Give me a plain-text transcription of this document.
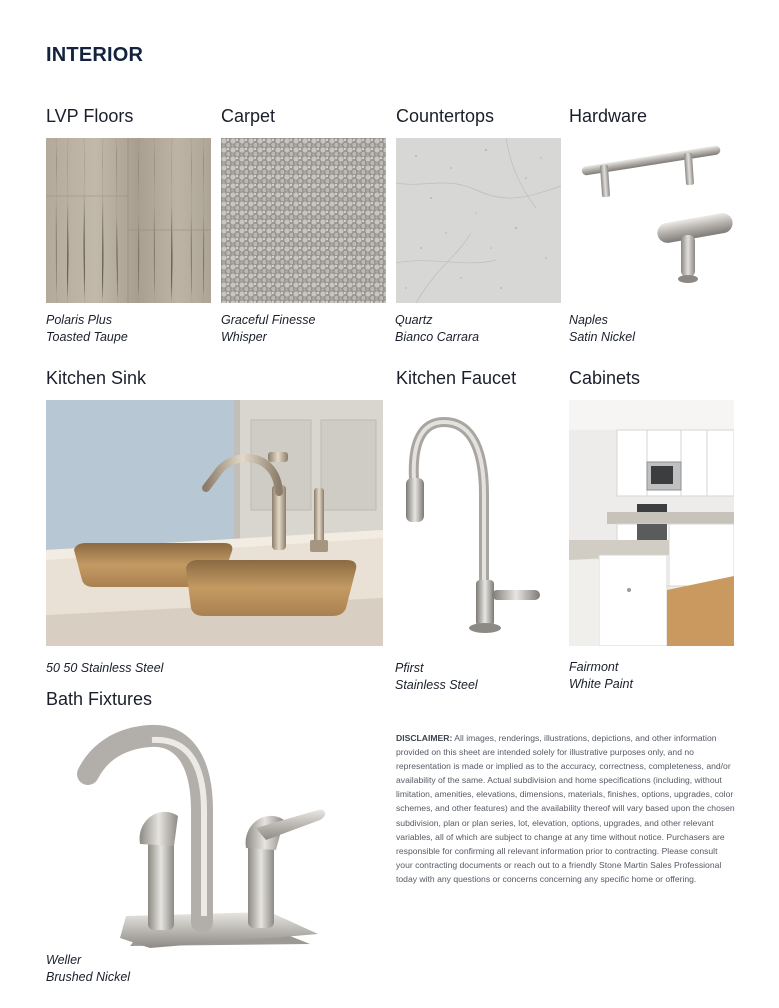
INTERIOR
LVP Floors	Carpet	Countertops	Hardware
Polaris Plus
Toasted Taupe
Graceful Finesse
Whisper
Quartz
Bianco Carrara
Naples
Satin Nickel
Kitchen Sink	Kitchen Faucet	Cabinets
50 50 Stainless Steel	Pfirst
Stainless Steel
Fairmont
White Paint
Bath Fixtures
Weller
Brushed Nickel
DISCLAIMER: All images, renderings, illustrations, depictions, and other information provided on this sheet are intended solely for illustrative purposes only, and no representation is made or implied as to the accuracy, correctness, completeness, and/or availability of the same. Actual subdivision and home specifications (including, without limitation, amenities, elevations, dimensions, materials, finishes, options, upgrades, color schemes, and other features) and the availability thereof will vary based upon the chosen subdivision, plan or plan series, lot, elevation, options, upgrades, and other relevant variables, all of which are subject to change at any time without notice. Purchasers are responsible for confirming all relevant information prior to contracting. Please consult your contracting documents or reach out to a friendly Stone Martin Sales Professional today with any questions or concerns concerning any specific home or offering.
